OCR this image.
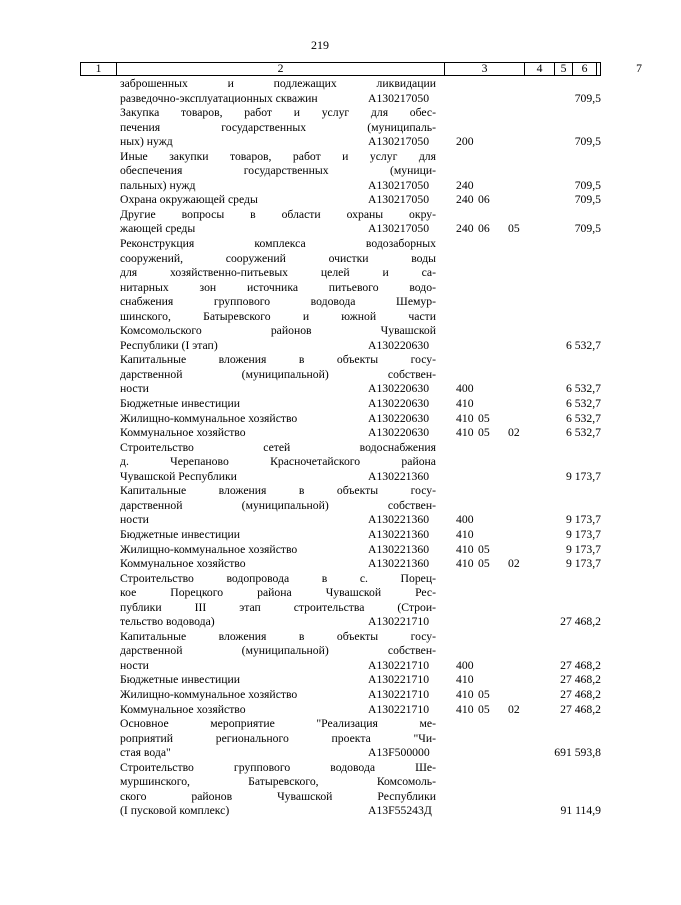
219
1	2	3	4	5	6	7
заброшенных и подлежащих ликвидации
разведочно-эксплуатационных скважин	А130217050	709,5
Закупка товаров, работ и услуг для обес-
печения государственных (муниципаль-
ных) нужд	А130217050 200	709,5
Иные закупки товаров, работ и услуг для
обеспечения государственных (муници-
пальных) нужд	А130217050 240	709,5
Охрана окружающей среды	А130217050 240 06	709,5
Другие вопросы в области охраны окру-
жающей среды	А130217050 240 06 05	709,5
Реконструкция комплекса водозаборных
сооружений, сооружений очистки воды
для хозяйственно-питьевых целей и са-
нитарных зон источника питьевого водо-
снабжения группового водовода Шемур-
шинского, Батыревского и южной части
Комсомольского районов Чувашской
Республики (I этап)	А130220630	6 532,7
Капитальные вложения в объекты госу-
дарственной (муниципальной) собствен-
ности	А130220630 400	6 532,7
Бюджетные инвестиции	А130220630 410	6 532,7
Жилищно-коммунальное хозяйство	А130220630 410 05	6 532,7
Коммунальное хозяйство	А130220630 410 05 02	6 532,7
Строительство сетей водоснабжения
д. Черепаново Красночетайского района
Чувашской Республики	А130221360	9 173,7
Капитальные вложения в объекты госу-
дарственной (муниципальной) собствен-
ности	А130221360 400	9 173,7
Бюджетные инвестиции	А130221360 410	9 173,7
Жилищно-коммунальное хозяйство	А130221360 410 05	9 173,7
Коммунальное хозяйство	А130221360 410 05 02	9 173,7
Строительство водопровода в с. Порец-
кое Порецкого района Чувашской Рес-
публики III этап строительства (Строи-
тельство водовода)	А130221710	27 468,2
Капитальные вложения в объекты госу-
дарственной (муниципальной) собствен-
ности	А130221710 400	27 468,2
Бюджетные инвестиции	А130221710 410	27 468,2
Жилищно-коммунальное хозяйство	А130221710 410 05	27 468,2
Коммунальное хозяйство	А130221710 410 05 02	27 468,2
Основное мероприятие "Реализация ме-
роприятий регионального проекта "Чи-
стая вода"	А13F500000	691 593,8
Строительство группового водовода Ше-
муршинского, Батыревского, Комсомоль-
ского районов Чувашской Республики
(I пусковой комплекс)	А13F55243Д	91 114,9
